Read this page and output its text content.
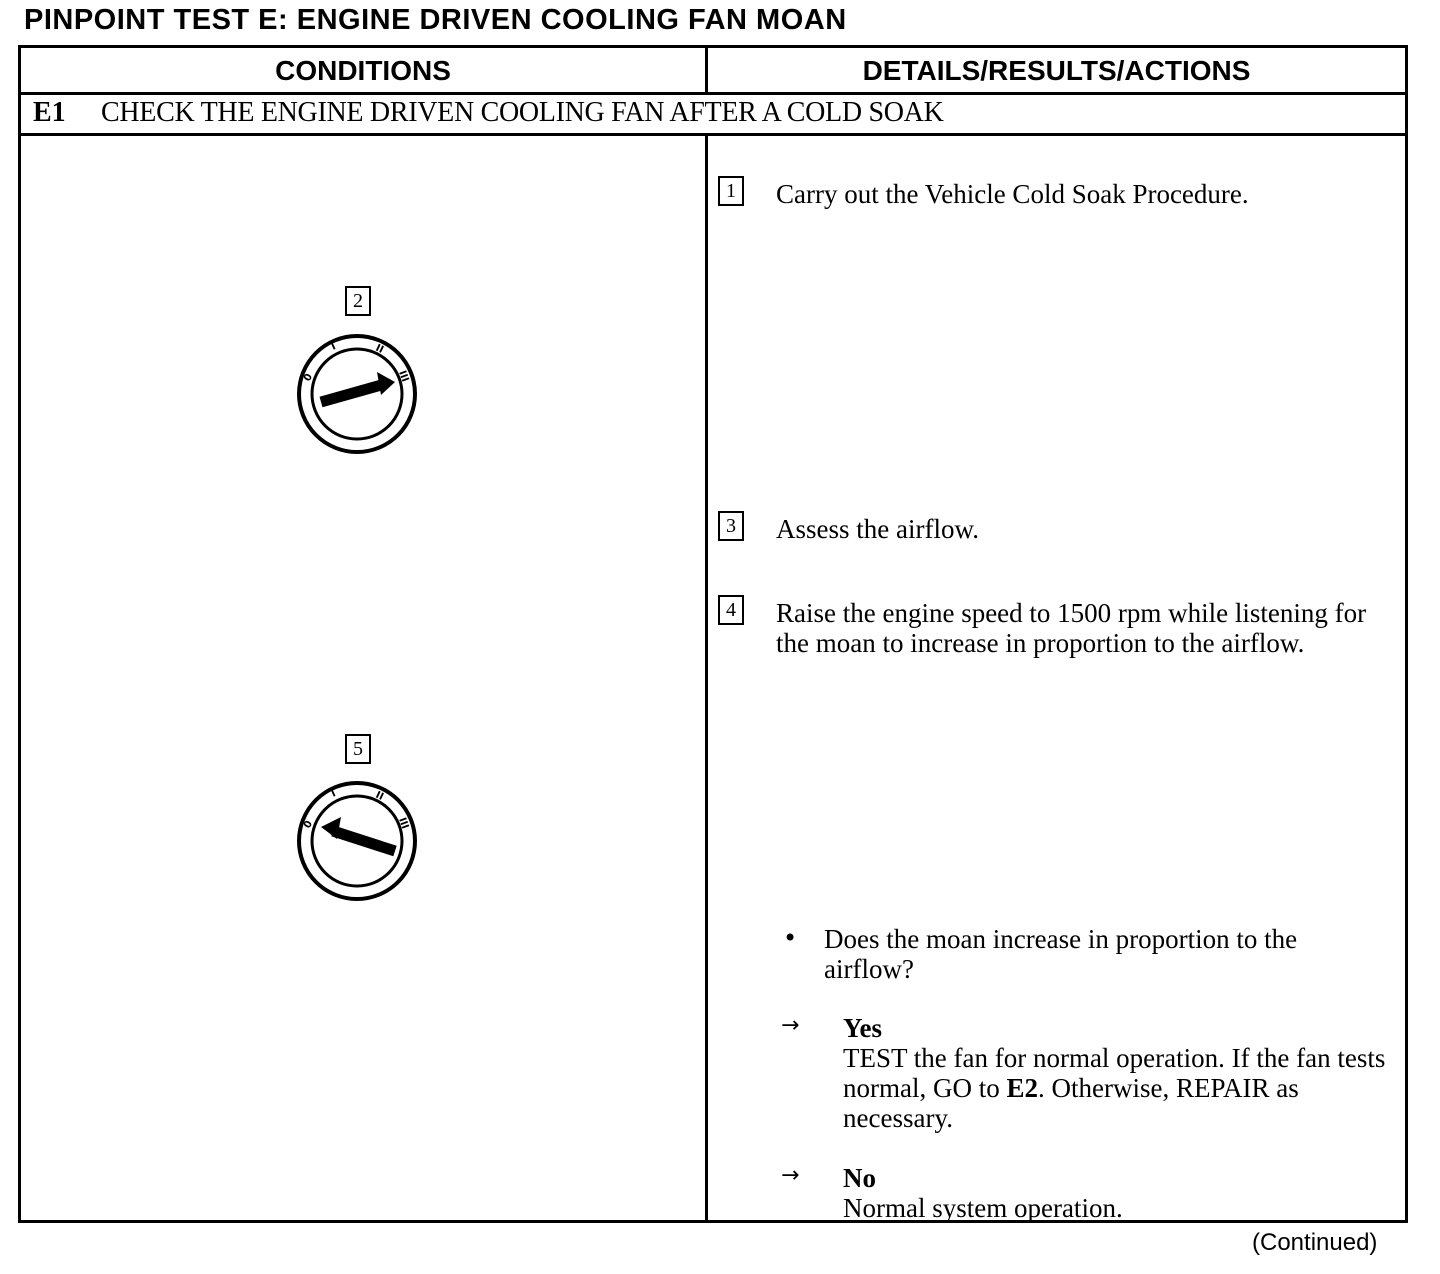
PINPOINT TEST E: ENGINE DRIVEN COOLING FAN MOAN
CONDITIONS	DETAILS/RESULTS/ACTIONS
E1 CHECK THE ENGINE DRIVEN COOLING FAN AFTER A COLD SOAK
1 Carry out the Vehicle Cold Soak Procedure.
2
0
I	II
III
3 Assess the airflow.
4 Raise the engine speed to 1500 rpm while listening for the moan to increase in proportion to the airflow.
5
0
I	II
III
• Does the moan increase in proportion to the airflow?
→ Yes
TEST the fan for normal operation. If the fan tests normal, GO to E2. Otherwise, REPAIR as necessary.
→ No
Normal system operation.
(Continued)
